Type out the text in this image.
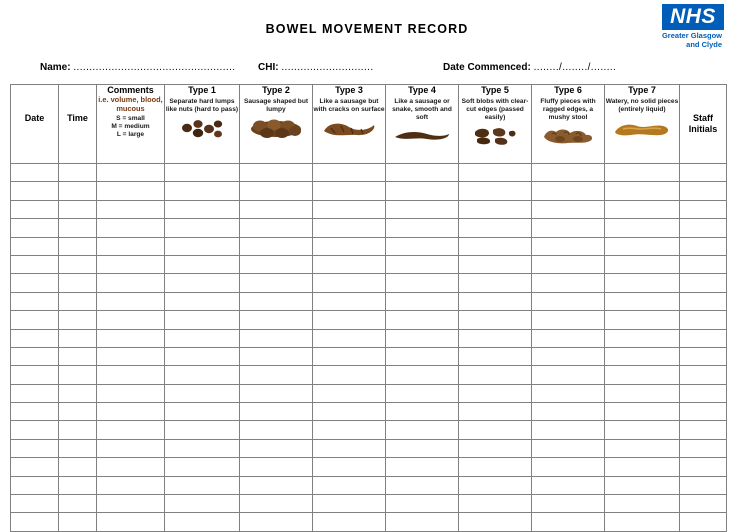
NHS
Greater Glasgow
and Clyde
BOWEL MOVEMENT RECORD
Name: ................................................... CHI: .............................	Date Commenced: ......../......../........
Date	Time	Comments
i.e. volume, blood, mucous
S = small
M = medium
L = large	Type 1
Separate hard lumps like nuts (hard to pass)	Type 2
Sausage shaped but lumpy	Type 3
Like a sausage but with cracks on surface	Type 4
Like a sausage or snake, smooth and soft	Type 5
Soft blobs with clear-cut edges (passed easily)	Type 6
Fluffy pieces with ragged edges, a mushy stool	Type 7
Watery, no solid pieces (entirely liquid)	Staff
Initials
